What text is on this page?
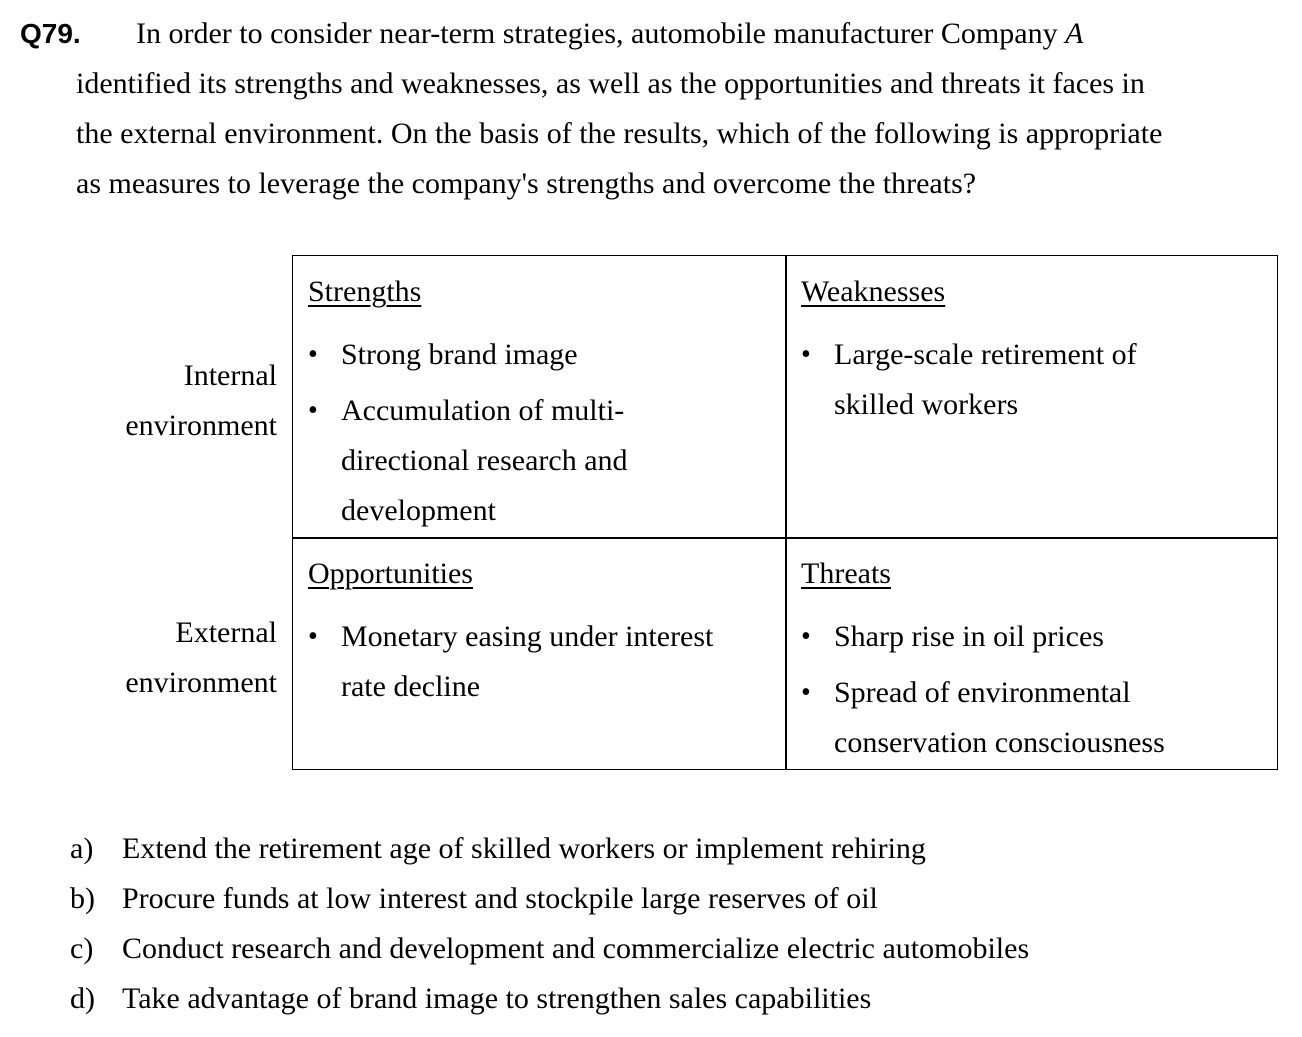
Q79. In order to consider near-term strategies, automobile manufacturer Company A
identified its strengths and weaknesses, as well as the opportunities and threats it faces in
the external environment. On the basis of the results, which of the following is appropriate
as measures to leverage the company's strengths and overcome the threats?
Internal
environment
External
environment
Strengths
• Strong brand image
• Accumulation of multi-
directional research and
development
Weaknesses
• Large-scale retirement of
skilled workers
Opportunities
• Monetary easing under interest
rate decline
Threats
• Sharp rise in oil prices
• Spread of environmental
conservation consciousness
a) Extend the retirement age of skilled workers or implement rehiring
b) Procure funds at low interest and stockpile large reserves of oil
c) Conduct research and development and commercialize electric automobiles
d) Take advantage of brand image to strengthen sales capabilities
